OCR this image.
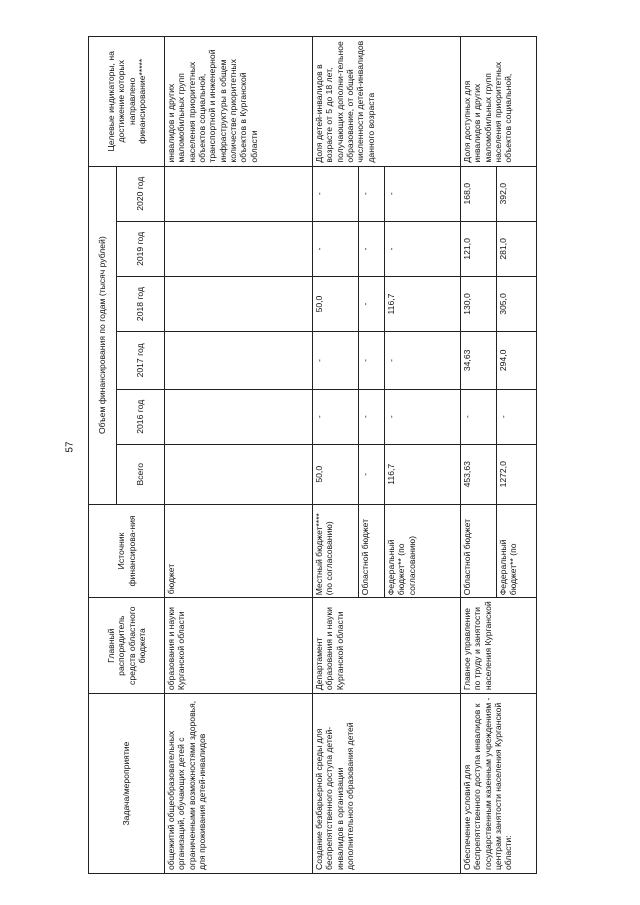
57
Задача/мероприятие	Главный распорядитель средств областного бюджета	Источник финансирова-ния	Объем финансирования по годам (тысяч рублей)						Целевые индикаторы, на достижение которых направлено финансирование*****
			Всего	2016 год	2017 год	2018 год	2019 год	2020 год	
общежитий общеобразовательных организаций, обучающих детей с ограниченными возможностями здоровья, для проживания детей-инвалидов	образования и науки Курганской области	бюджет							инвалидов и других маломобильных групп населения приоритетных объектов социальной, транспортной и инженерной инфраструктуры в общем количестве приоритетных объектов в Курганской области
Создание безбарьерной среды для беспрепятственного доступа детей-инвалидов в организации дополнительного образования детей	Департамент образования и науки Курганской области	Местный бюджет**** (по согласованию)	50,0	-	-	50,0	-	-	Доля детей-инвалидов в возрасте от 5 до 18 лет, получающих дополни-тельное образование, от общей численности детей-инвалидов данного возраста
		Областной бюджет	-	-	-	-	-	-	
		Федеральный бюджет** (по согласованию)	116,7	-	-	116,7	-	-	
Обеспечение условий для беспрепятственного доступа инвалидов к государственным казенным учреждениям - центрам занятости населения Курганской области:	Главное управление по труду и занятости населения Курганской	Областной бюджет	453,63	-	34,63	130,0	121,0	168,0	Доля доступных для инвалидов и других маломобильных групп населения приоритетных объектов социальной,
		Федеральный бюджет** (по	1272,0	-	294,0	305,0	281,0	392,0	
